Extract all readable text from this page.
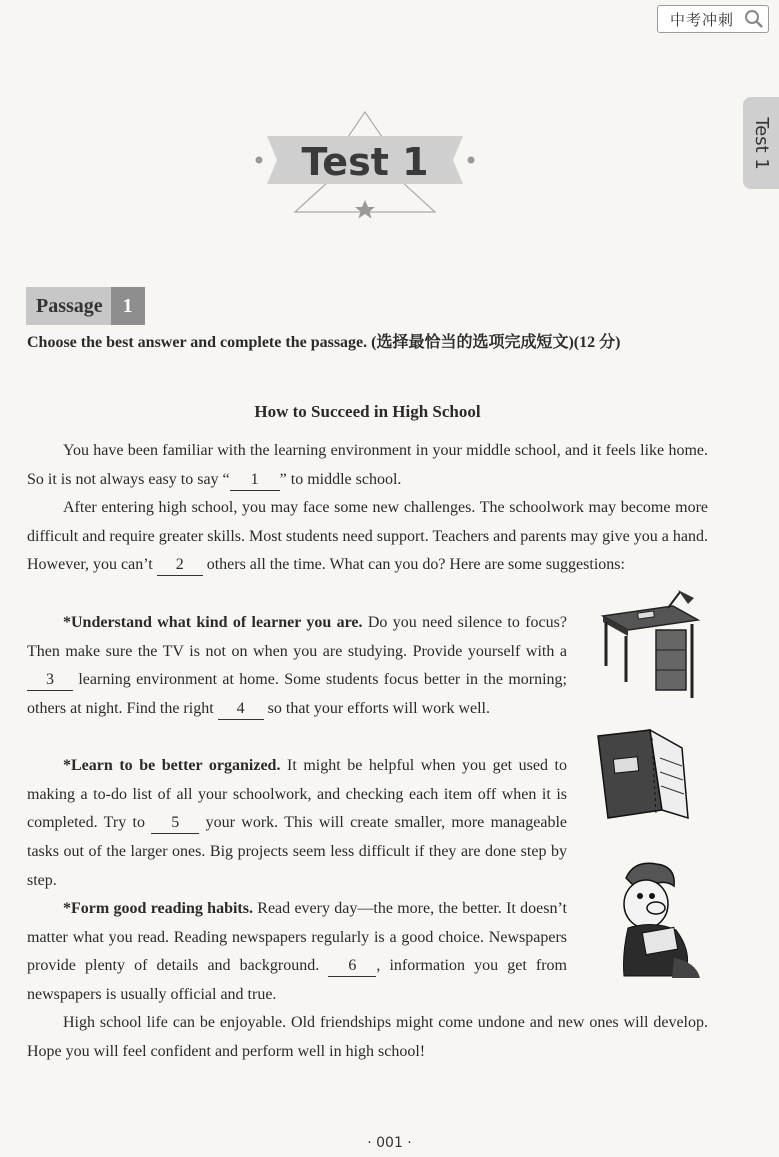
中考冲刺
Test 1
Test 1
Passage	1
Choose the best answer and complete the passage. (选择最恰当的选项完成短文)(12 分)
How to Succeed in High School

You have been familiar with the learning environment in your middle school, and it feels like home. So it is not always easy to say “ 1 ” to middle school.

After entering high school, you may face some new challenges. The schoolwork may become more difficult and require greater skills. Most students need support. Teachers and parents may give you a hand. However, you can’t 2 others all the time. What can you do? Here are some suggestions:

*Understand what kind of learner you are. Do you need silence to focus? Then make sure the TV is not on when you are studying. Provide yourself with a 3 learning environment at home. Some students focus better in the morning; others at night. Find the right 4 so that your efforts will work well.

*Learn to be better organized. It might be helpful when you get used to making a to-do list of all your schoolwork, and checking each item off when it is completed. Try to 5 your work. This will create smaller, more manageable tasks out of the larger ones. Big projects seem less difficult if they are done step by step.

*Form good reading habits. Read every day—the more, the better. It doesn’t matter what you read. Reading newspapers regularly is a good choice. Newspapers provide plenty of details and background. 6 , information you get from newspapers is usually official and true.

High school life can be enjoyable. Old friendships might come undone and new ones will develop. Hope you will feel confident and perform well in high school!

· 001 ·
